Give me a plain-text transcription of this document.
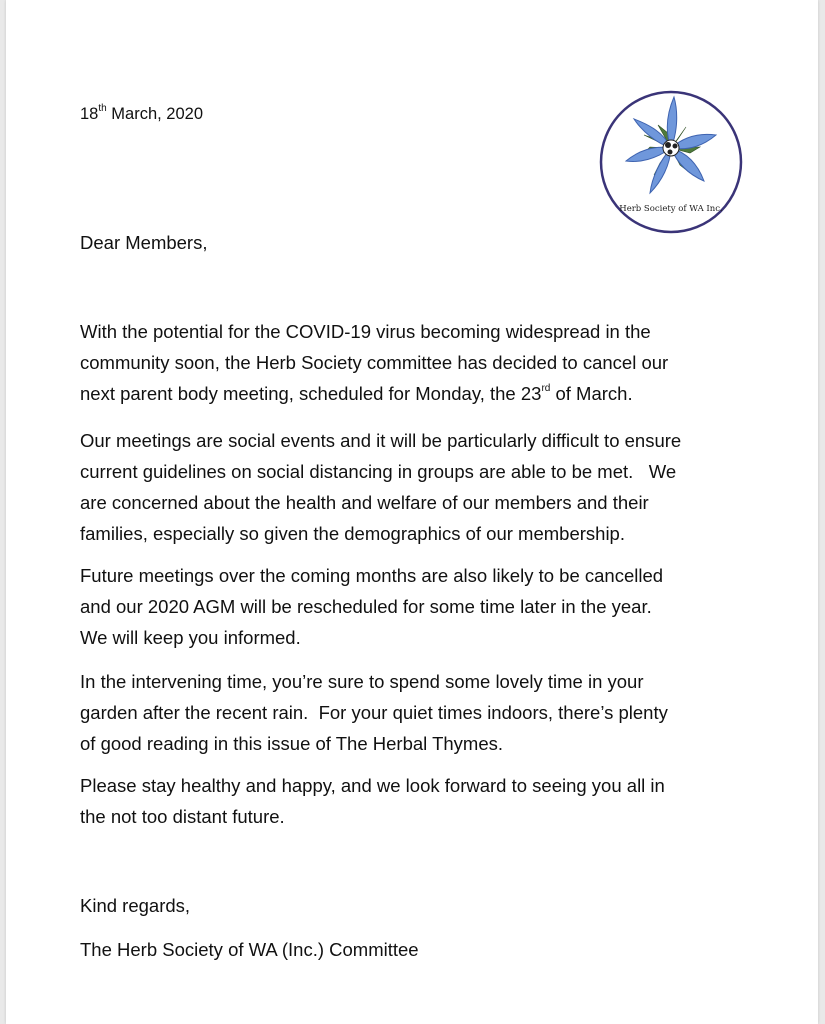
18th March, 2020
Herb Society of WA Inc.
Dear Members,
With the potential for the COVID-19 virus becoming widespread in the
community soon, the Herb Society committee has decided to cancel our
next parent body meeting, scheduled for Monday, the 23rd of March.
Our meetings are social events and it will be particularly difficult to ensure
current guidelines on social distancing in groups are able to be met.   We
are concerned about the health and welfare of our members and their
families, especially so given the demographics of our membership.
Future meetings over the coming months are also likely to be cancelled
and our 2020 AGM will be rescheduled for some time later in the year.
We will keep you informed.
In the intervening time, you’re sure to spend some lovely time in your
garden after the recent rain.  For your quiet times indoors, there’s plenty
of good reading in this issue of The Herbal Thymes.
Please stay healthy and happy, and we look forward to seeing you all in
the not too distant future.
Kind regards,
The Herb Society of WA (Inc.) Committee
